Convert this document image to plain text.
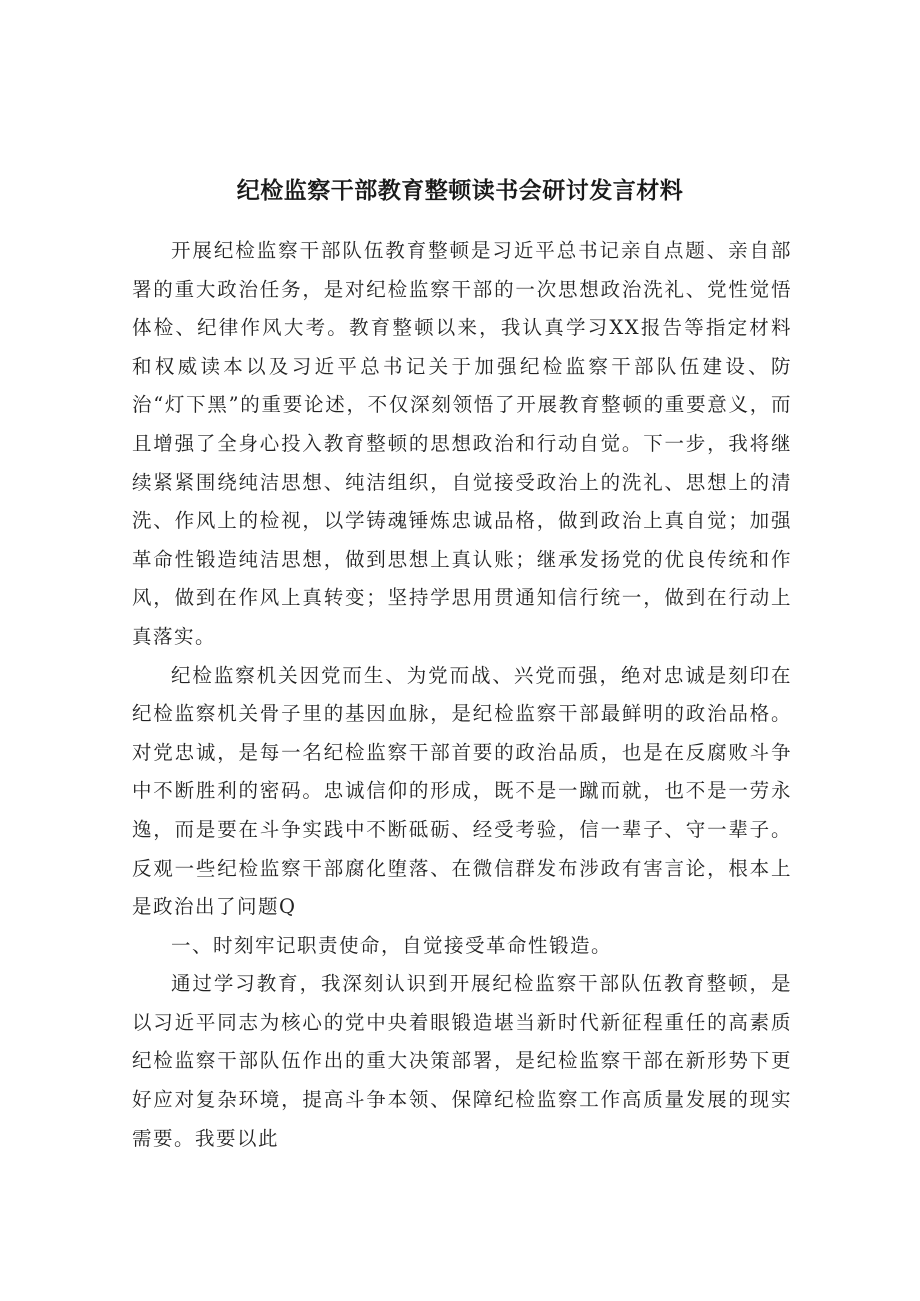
纪检监察干部教育整顿读书会研讨发言材料

开展纪检监察干部队伍教育整顿是习近平总书记亲自点题、亲自部署的重大政治任务，是对纪检监察干部的一次思想政治洗礼、党性觉悟体检、纪律作风大考。教育整顿以来，我认真学习XX报告等指定材料和权威读本以及习近平总书记关于加强纪检监察干部队伍建设、防治“灯下黑”的重要论述，不仅深刻领悟了开展教育整顿的重要意义，而且增强了全身心投入教育整顿的思想政治和行动自觉。下一步，我将继续紧紧围绕纯洁思想、纯洁组织，自觉接受政治上的洗礼、思想上的清洗、作风上的检视，以学铸魂锤炼忠诚品格，做到政治上真自觉；加强革命性锻造纯洁思想，做到思想上真认账；继承发扬党的优良传统和作风，做到在作风上真转变；坚持学思用贯通知信行统一，做到在行动上真落实。

纪检监察机关因党而生、为党而战、兴党而强，绝对忠诚是刻印在纪检监察机关骨子里的基因血脉，是纪检监察干部最鲜明的政治品格。对党忠诚，是每一名纪检监察干部首要的政治品质，也是在反腐败斗争中不断胜利的密码。忠诚信仰的形成，既不是一蹴而就，也不是一劳永逸，而是要在斗争实践中不断砥砺、经受考验，信一辈子、守一辈子。反观一些纪检监察干部腐化堕落、在微信群发布涉政有害言论，根本上是政治出了问题Q

一、时刻牢记职责使命，自觉接受革命性锻造。

通过学习教育，我深刻认识到开展纪检监察干部队伍教育整顿，是以习近平同志为核心的党中央着眼锻造堪当新时代新征程重任的高素质纪检监察干部队伍作出的重大决策部署，是纪检监察干部在新形势下更好应对复杂环境，提高斗争本领、保障纪检监察工作高质量发展的现实需要。我要以此
